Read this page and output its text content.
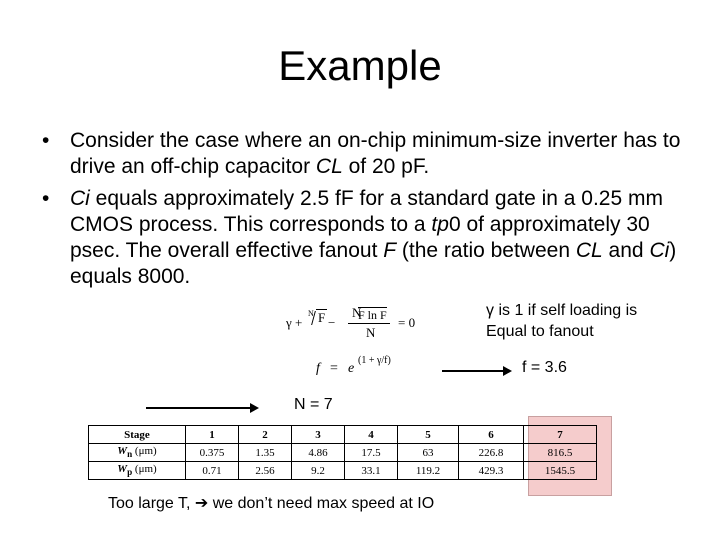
Example
• Consider the case where an on-chip minimum-size inverter has to drive an off-chip capacitor CL of 20 pF.
• Ci equals approximately 2.5 fF for a standard gate in a 0.25 mm CMOS process. This corresponds to a tp0 of approximately 30 psec. The overall effective fanout F (the ratio between CL and Ci) equals 8000.
γ +
N F −
N
F ln F
N
= 0
γ is 1 if self loading is
Equal to fanout
f = e
(1 + γ/f)	f = 3.6
N = 7
Stage	1	2	3	4	5	6	7
$W_n$ (μm)	0.375	1.35	4.86	17.5	63	226.8	816.5
$W_p$ (μm)	0.71	2.56	9.2	33.1	119.2	429.3	1545.5
Too large T, ➔ we don’t need max speed at IO
